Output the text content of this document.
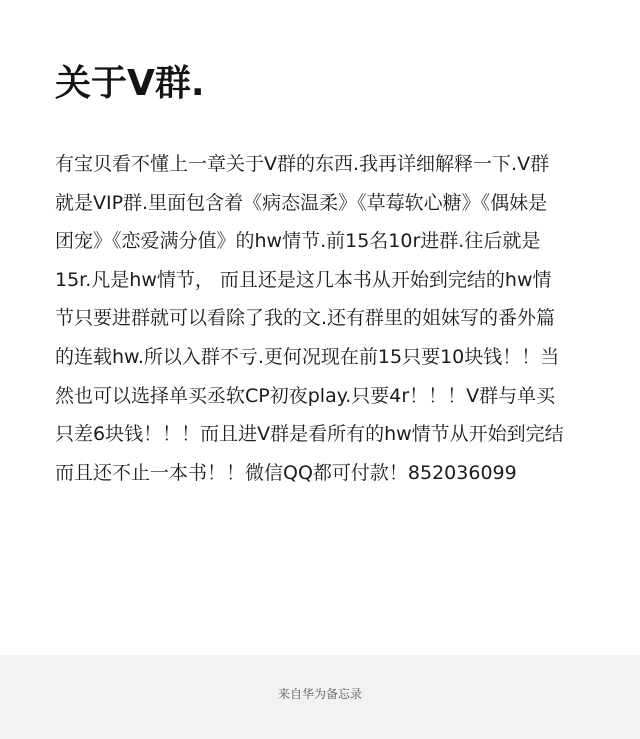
关于V群.
有宝贝看不懂上一章关于V群的东西.我再详细解释一下.V群
就是VIP群.里面包含着《病态温柔》《草莓软心糖》《偶妹是
团宠》《恋爱满分值》的hw情节.前15名10r进群.往后就是
15r.凡是hw情节， 而且还是这几本书从开始到完结的hw情
节只要进群就可以看除了我的文.还有群里的姐妹写的番外篇
的连载hw.所以入群不亏.更何况现在前15只要10块钱！！当
然也可以选择单买丞软CP初夜play.只要4r！！！V群与单买
只差6块钱！！！而且进V群是看所有的hw情节从开始到完结
而且还不止一本书！！微信QQ都可付款！852036099
来自华为备忘录
